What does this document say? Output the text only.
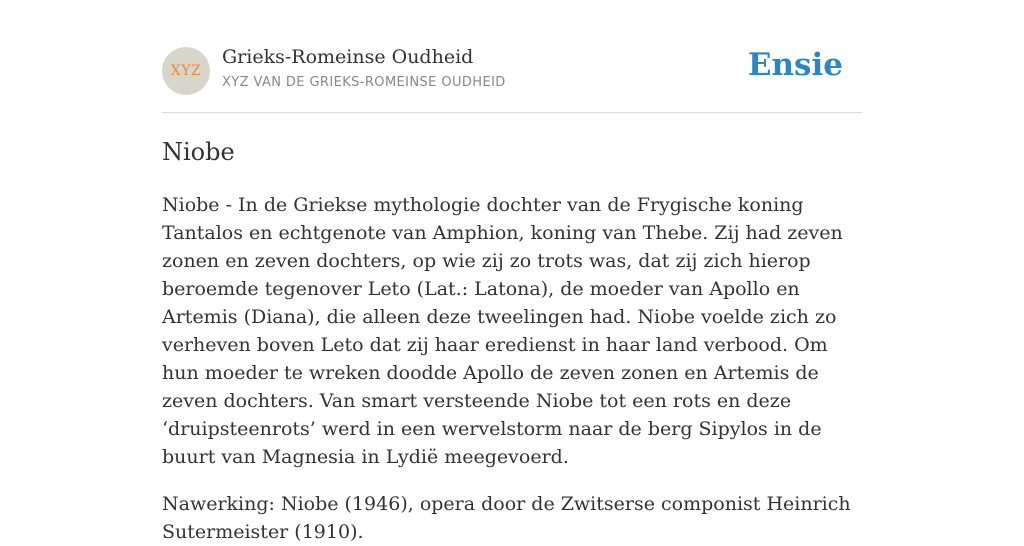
XYZ
Grieks-Romeinse Oudheid
XYZ VAN DE GRIEKS-ROMEINSE OUDHEID	Ensie
Niobe

Niobe - In de Griekse mythologie dochter van de Frygische koning Tantalos en echtgenote van Amphion, koning van Thebe. Zij had zeven zonen en zeven dochters, op wie zij zo trots was, dat zij zich hierop beroemde tegenover Leto (Lat.: Latona), de moeder van Apollo en Artemis (Diana), die alleen deze tweelingen had. Niobe voelde zich zo verheven boven Leto dat zij haar eredienst in haar land verbood. Om hun moeder te wreken doodde Apollo de zeven zonen en Artemis de zeven dochters. Van smart versteende Niobe tot een rots en deze ‘druipsteenrots’ werd in een wervelstorm naar de berg Sipylos in de buurt van Magnesia in Lydië meegevoerd.

Nawerking: Niobe (1946), opera door de Zwitserse componist Heinrich Sutermeister (1910).
